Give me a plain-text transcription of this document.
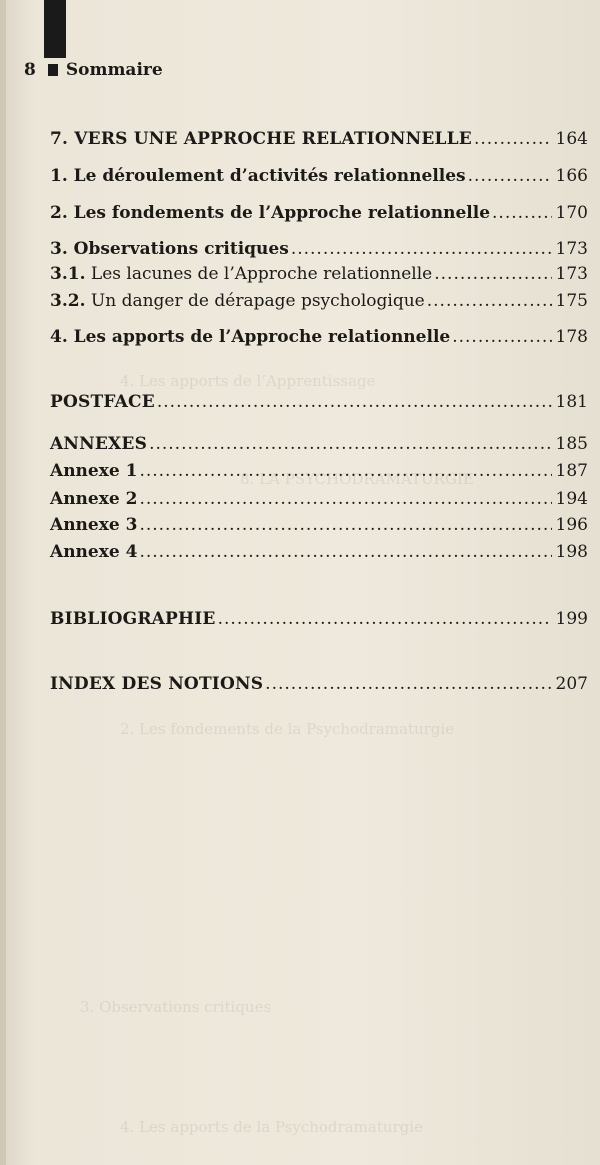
4. Les apports de l’Apprentissage
8. LA PSYCHODRAMATURGIE
2. Les fondements de la Psychodramaturgie
3. Observations critiques
4. Les apports de la Psychodramaturgie
8 Sommaire
7. VERS UNE APPROCHE RELATIONNELLE .....	164
1. Le déroulement d’activités relationnelles .....	166
2. Les fondements de l’Approche relationnelle .....	170
3. Observations critiques .....	173
3.1. Les lacunes de l’Approche relationnelle .....	173
3.2. Un danger de dérapage psychologique .....	175
4. Les apports de l’Approche relationnelle .....	178
POSTFACE .....	181
ANNEXES .....	185
Annexe 1 .....	187
Annexe 2 .....	194
Annexe 3 .....	196
Annexe 4 .....	198
BIBLIOGRAPHIE .....	199
INDEX DES NOTIONS .....	207
